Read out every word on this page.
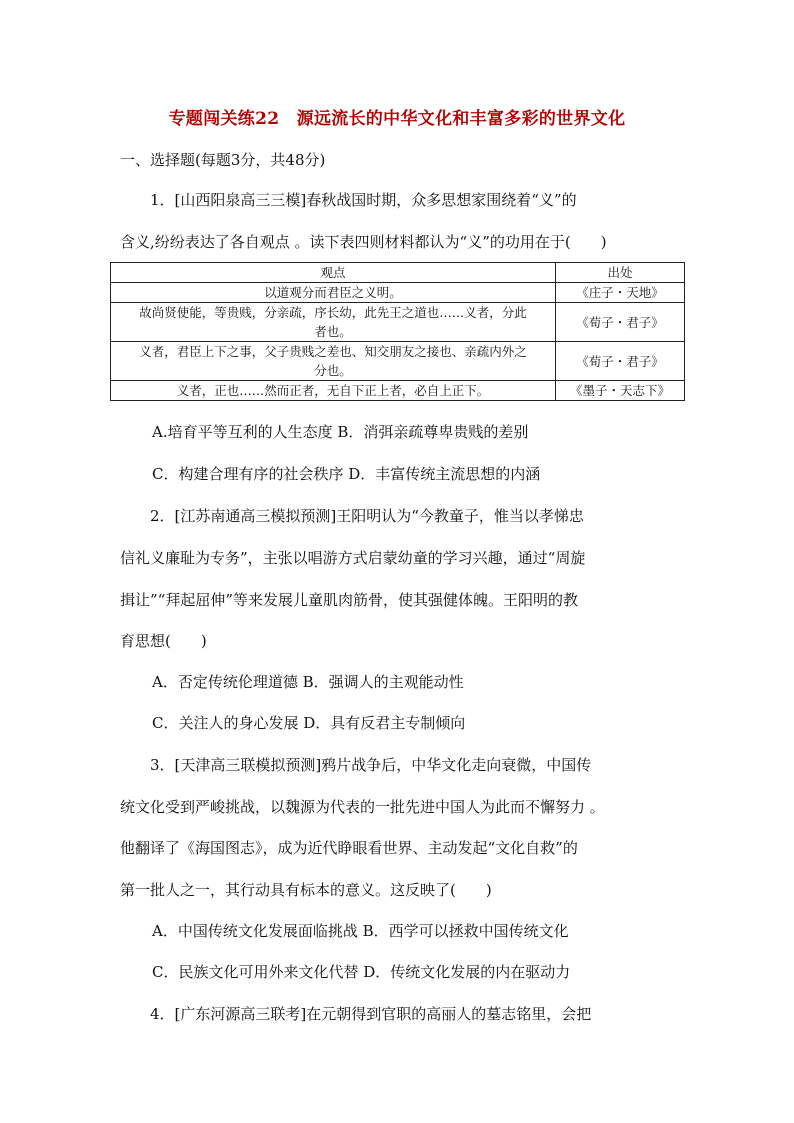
专题闯关练22　源远流长的中华文化和丰富多彩的世界文化
一、选择题(每题3分，共48分)
1．[山西阳泉高三三模]春秋战国时期，众多思想家围绕着“义”的
含义,纷纷表达了各自观点 。读下表四则材料都认为“义”的功用在于(　　)
观点	出处
以道观分而君臣之义明。	《庄子・天地》
故尚贤使能，等贵贱，分亲疏，序长幼，此先王之道也……义者，分此
者也。	《荀子・君子》
义者，君臣上下之事，父子贵贱之差也、知交朋友之接也、亲疏内外之
分也。	《荀子・君子》
义者，正也……然而正者，无自下正上者，必自上正下。	《墨子・天志下》
A.培育平等互利的人生态度 B．消弭亲疏尊卑贵贱的差别
C．构建合理有序的社会秩序 D．丰富传统主流思想的内涵
2．[江苏南通高三模拟预测]王阳明认为“今教童子，惟当以孝悌忠
信礼义廉耻为专务”，主张以唱游方式启蒙幼童的学习兴趣，通过“周旋
揖让”“拜起屈伸”等来发展儿童肌肉筋骨，使其强健体魄。王阳明的教
育思想(　　)
A．否定传统伦理道德 B．强调人的主观能动性
C．关注人的身心发展 D．具有反君主专制倾向
3．[天津高三联模拟预测]鸦片战争后，中华文化走向衰微，中国传
统文化受到严峻挑战，以魏源为代表的一批先进中国人为此而不懈努力 。
他翻译了《海国图志》，成为近代睁眼看世界、主动发起“文化自救”的
第一批人之一，其行动具有标本的意义。这反映了(　　)
A．中国传统文化发展面临挑战 B．西学可以拯救中国传统文化
C．民族文化可用外来文化代替 D．传统文化发展的内在驱动力
4．[广东河源高三联考]在元朝得到官职的高丽人的墓志铭里，会把
